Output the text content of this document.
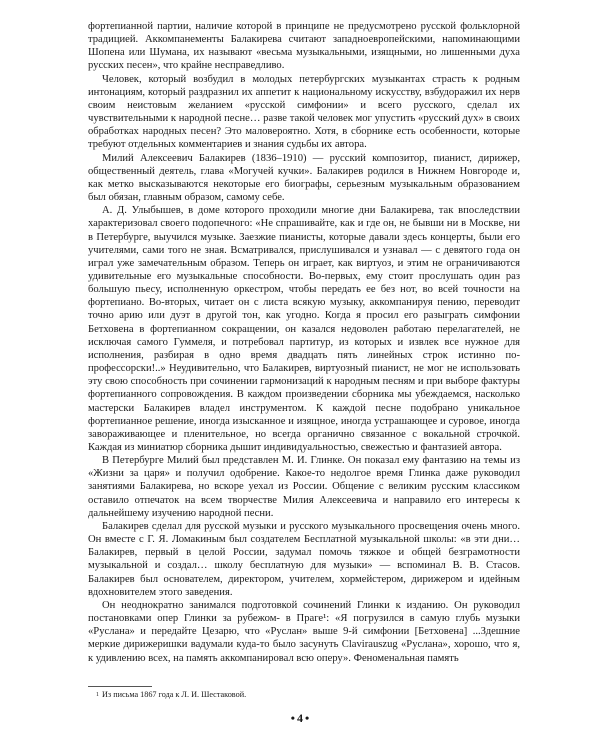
фортепианной партии, наличие которой в принципе не предусмотрено русской фольклорной традицией. Аккомпанементы Балакирева считают западноевропейскими, напоминающими Шопена или Шумана, их называют «весьма музыкальными, изящными, но лишенными духа русских песен», что крайне несправедливо.

Человек, который возбудил в молодых петербургских музыкантах страсть к родным интонациям, который раздразнил их аппетит к национальному искусству, взбудоражил их нерв своим неистовым желанием «русской симфонии» и всего русского, сделал их чувствительными к народной песне… разве такой человек мог упустить «русский дух» в своих обработках народных песен? Это маловероятно. Хотя, в сборнике есть особенности, которые требуют отдельных комментариев и знания судьбы их автора.

Милий Алексеевич Балакирев (1836–1910) — русский композитор, пианист, дирижер, общественный деятель, глава «Могучей кучки». Балакирев родился в Нижнем Новгороде и, как метко высказываются некоторые его биографы, серьезным музыкальным образованием был обязан, главным образом, самому себе.

А. Д. Улыбышев, в доме которого проходили многие дни Балакирева, так впоследствии характеризовал своего подопечного: «Не спрашивайте, как и где он, не бывши ни в Москве, ни в Петербурге, выучился музыке. Заезжие пианисты, которые давали здесь концерты, были его учителями, сами того не зная. Всматривался, прислушивался и узнавал — с девятого года он играл уже замечательным образом. Теперь он играет, как виртуоз, и этим не ограничиваются удивительные его музыкальные способности. Во-первых, ему стоит прослушать один раз большую пьесу, исполненную оркестром, чтобы передать ее без нот, во всей точности на фортепиано. Во-вторых, читает он с листа всякую музыку, аккомпанируя пению, переводит точно арию или дуэт в другой тон, как угодно. Когда я просил его разыграть симфонии Бетховена в фортепианном сокращении, он казался недоволен работаю перелагателей, не исключая самого Гуммеля, и потребовал партитур, из которых и извлек все нужное для исполнения, разбирая в одно время двадцать пять линейных строк истинно по-профессорски!..» Неудивительно, что Балакирев, виртуозный пианист, не мог не использовать эту свою способность при сочинении гармонизаций к народным песням и при выборе фактуры фортепианного сопровождения. В каждом произведении сборника мы убеждаемся, насколько мастерски Балакирев владел инструментом. К каждой песне подобрано уникальное фортепианное решение, иногда изысканное и изящное, иногда устрашающее и суровое, иногда завораживающее и пленительное, но всегда органично связанное с вокальной строчкой. Каждая из миниатюр сборника дышит индивидуальностью, свежестью и фантазией автора.

В Петербурге Милий был представлен М. И. Глинке. Он показал ему фантазию на темы из «Жизни за царя» и получил одобрение. Какое-то недолгое время Глинка даже руководил занятиями Балакирева, но вскоре уехал из России. Общение с великим русским классиком оставило отпечаток на всем творчестве Милия Алексеевича и направило его интересы к дальнейшему изучению народной песни.

Балакирев сделал для русской музыки и русского музыкального просвещения очень много. Он вместе с Г. Я. Ломакиным был создателем Бесплатной музыкальной школы: «в эти дни… Балакирев, первый в целой России, задумал помочь тяжкое и общей безграмотности музыкальной и создал… школу бесплатную для музыки» — вспоминал В. В. Стасов. Балакирев был основателем, директором, учителем, хормейстером, дирижером и идейным вдохновителем этого заведения.

Он неоднократно занимался подготовкой сочинений Глинки к изданию. Он руководил постановками опер Глинки за рубежом- в Праге¹: «Я погрузился в самую глубь музыки «Руслана» и передайте Цезарю, что «Руслан» выше 9-й симфонии [Бетховена] ...Здешние меркие дирижеришки вадумали куда-то было засунуть Clavirauszug «Руслана», хорошо, что я, к удивлению всех, на память аккомпанировал всю оперу». Феноменальная память

$^1$ Из письма 1867 года к Л. И. Шестаковой.
• 4 •
